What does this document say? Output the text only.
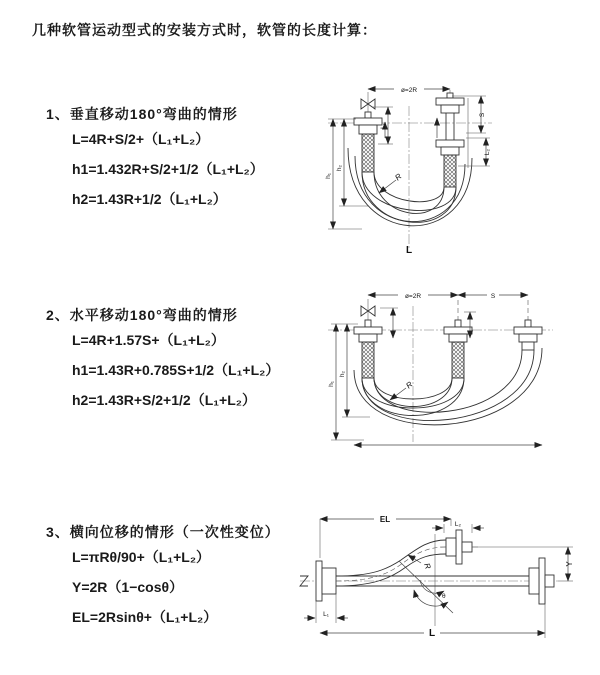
几种软管运动型式的安装方式时，软管的长度计算：
1、垂直移动180°弯曲的情形
L=4R+S/2+（L₁+L₂）
h1=1.432R+S/2+1/2（L₁+L₂）
h2=1.43R+1/2（L₁+L₂）
ø=2R
h₁
h₂
L₁
S
L₂
R
L
2、水平移动180°弯曲的情形
L=4R+1.57S+（L₁+L₂）
h1=1.43R+0.785S+1/2（L₁+L₂）
h2=1.43R+S/2+1/2（L₁+L₂）
ø=2R	S
h₁
h₂
R
3、横向位移的情形（一次性变位）
L=πRθ/90+（L₁+L₂）
Y=2R（1−cosθ）
EL=2Rsinθ+（L₁+L₂）
EL
L₂
R
θ
Y
L₁
L
